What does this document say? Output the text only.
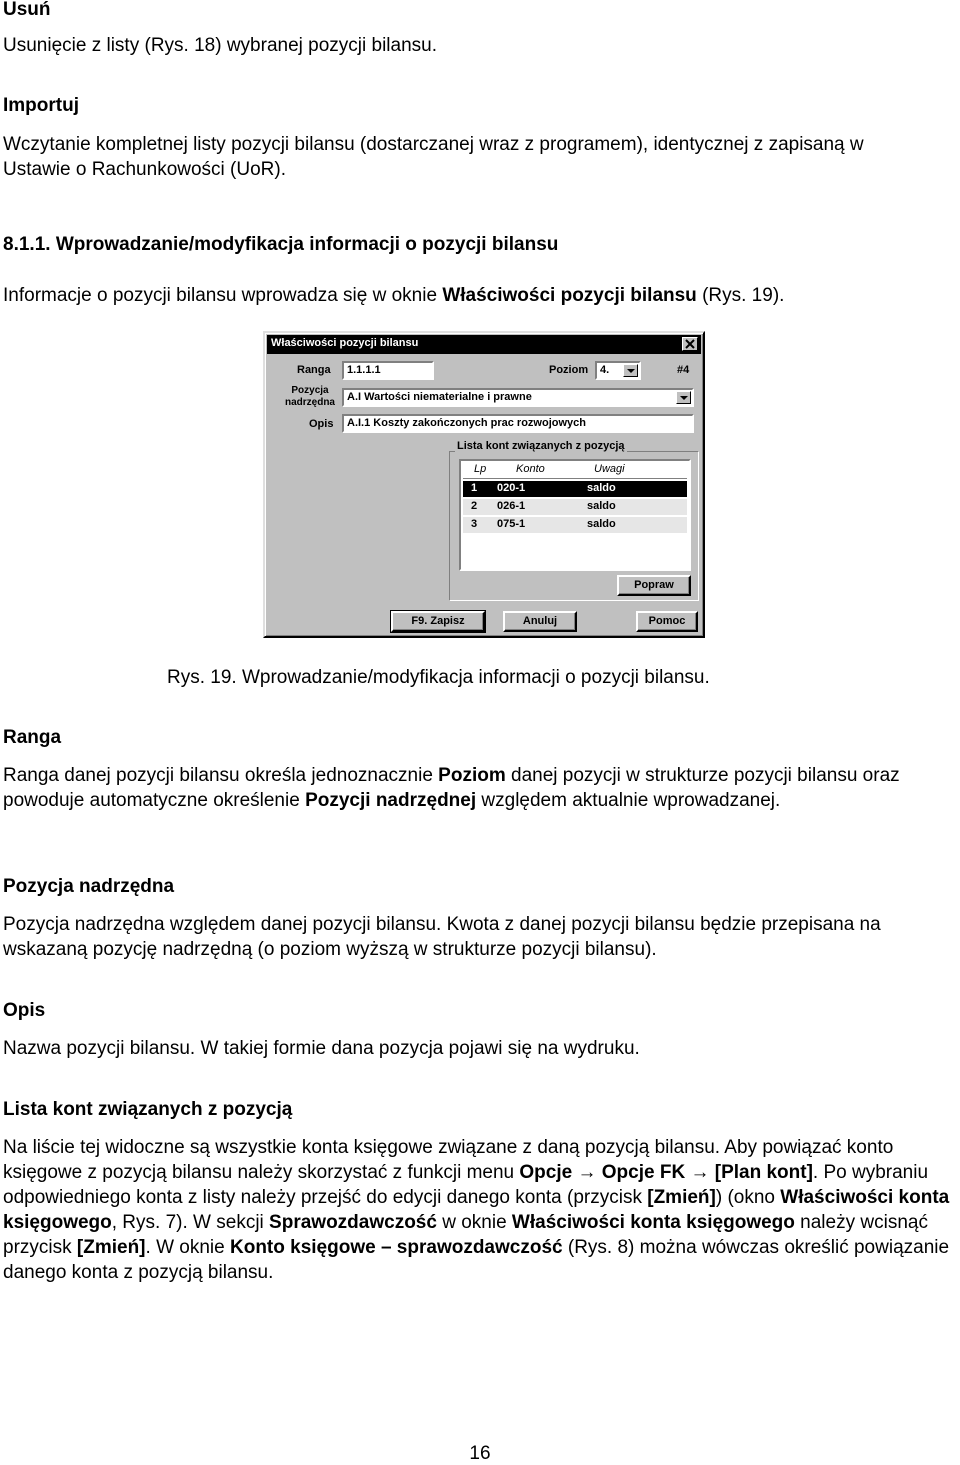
Usuń

Usunięcie z listy (Rys. 18) wybranej pozycji bilansu.

Importuj

Wczytanie kompletnej listy pozycji bilansu (dostarczanej wraz z programem), identycznej z zapisaną w Ustawie o Rachunkowości (UoR).

8.1.1. Wprowadzanie/modyfikacja informacji o pozycji bilansu

Informacje o pozycji bilansu wprowadza się w oknie Właściwości pozycji bilansu (Rys. 19).

Właściwości pozycji bilansu
Ranga	1.1.1.1	Poziom	4.	#4
Pozycja
nadrzędna	A.I Wartości niematerialne i prawne
Opis	A.I.1 Koszty zakończonych prac rozwojowych
Lista kont związanych z pozycją
Lp	Konto	Uwagi
1 020-1	saldo
2 026-1	saldo
3 075-1	saldo
Popraw
F9. Zapisz	Anuluj	Pomoc

Rys. 19. Wprowadzanie/modyfikacja informacji o pozycji bilansu.

Ranga

Ranga danej pozycji bilansu określa jednoznacznie Poziom danej pozycji w strukturze pozycji bilansu oraz powoduje automatyczne określenie Pozycji nadrzędnej względem aktualnie wprowadzanej.

Pozycja nadrzędna

Pozycja nadrzędna względem danej pozycji bilansu. Kwota z danej pozycji bilansu będzie przepisana na wskazaną pozycję nadrzędną (o poziom wyższą w strukturze pozycji bilansu).

Opis

Nazwa pozycji bilansu. W takiej formie dana pozycja pojawi się na wydruku.

Lista kont związanych z pozycją

Na liście tej widoczne są wszystkie konta księgowe związane z daną pozycją bilansu. Aby powiązać konto księgowe z pozycją bilansu należy skorzystać z funkcji menu Opcje → Opcje FK → [Plan kont]. Po wybraniu odpowiedniego konta z listy należy przejść do edycji danego konta (przycisk [Zmień]) (okno Właściwości konta księgowego, Rys. 7). W sekcji Sprawozdawczość w oknie Właściwości konta księgowego należy wcisnąć przycisk [Zmień]. W oknie Konto księgowe – sprawozdawczość (Rys. 8) można wówczas określić powiązanie danego konta z pozycją bilansu.

16
